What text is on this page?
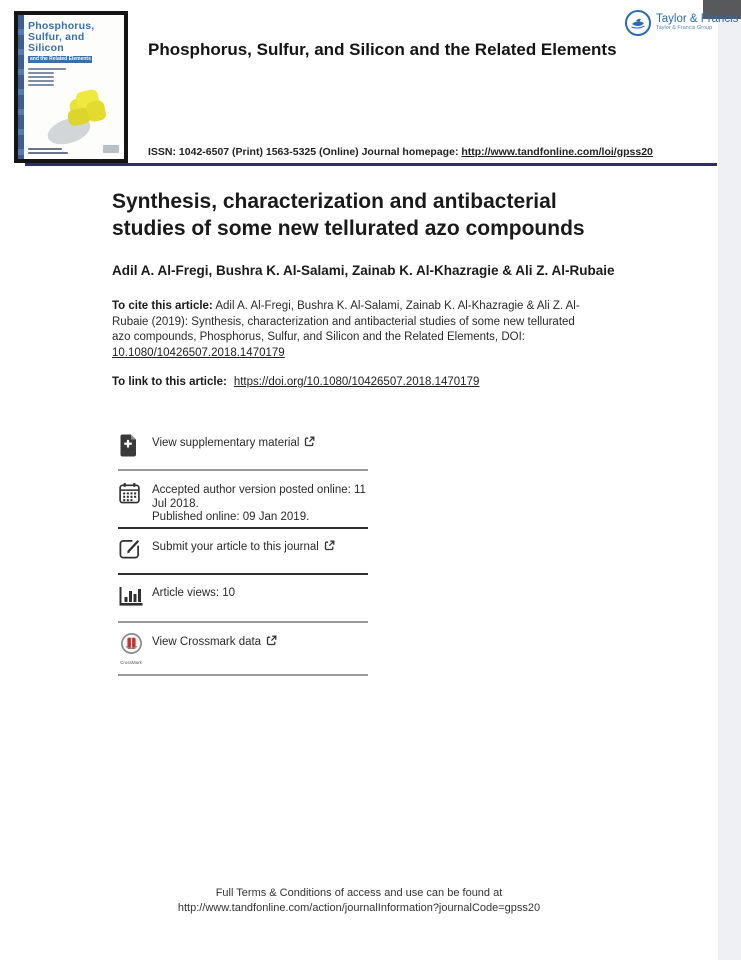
Phosphorus,
Sulfur, and
Silicon
and the Related Elements
Taylor & Francis
Taylor & Francis Group
Phosphorus, Sulfur, and Silicon and the Related Elements
ISSN: 1042-6507 (Print) 1563-5325 (Online) Journal homepage: http://www.tandfonline.com/loi/gpss20
Synthesis, characterization and antibacterial studies of some new tellurated azo compounds
Adil A. Al-Fregi, Bushra K. Al-Salami, Zainab K. Al-Khazragie & Ali Z. Al-Rubaie
To cite this article: Adil A. Al-Fregi, Bushra K. Al-Salami, Zainab K. Al-Khazragie & Ali Z. Al-Rubaie (2019): Synthesis, characterization and antibacterial studies of some new tellurated azo compounds, Phosphorus, Sulfur, and Silicon and the Related Elements, DOI: 10.1080/10426507.2018.1470179
To link to this article: https://doi.org/10.1080/10426507.2018.1470179
View supplementary material
Accepted author version posted online: 11 Jul 2018.
Published online: 09 Jan 2019.
Submit your article to this journal
Article views: 10
CrossMark
View Crossmark data
Full Terms & Conditions of access and use can be found at
http://www.tandfonline.com/action/journalInformation?journalCode=gpss20
